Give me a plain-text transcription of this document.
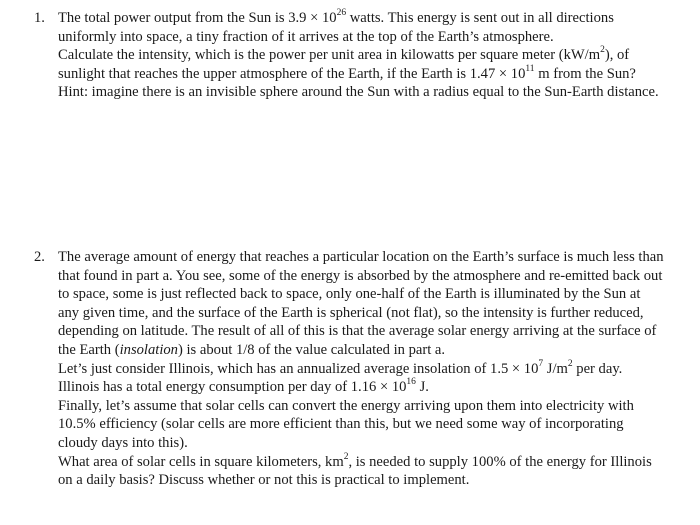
1. The total power output from the Sun is $3.9 \times 10^{26}$ watts. This energy is sent out in all directions uniformly into space, a tiny fraction of it arrives at the top of the Earth’s atmosphere.

Calculate the intensity, which is the power per unit area in kilowatts per square meter $(kW/m^2)$, of sunlight that reaches the upper atmosphere of the Earth, if the Earth is $1.47 \times 10^{11}$ m from the Sun? Hint: imagine there is an invisible sphere around the Sun with a radius equal to the Sun-Earth distance.

2. The average amount of energy that reaches a particular location on the Earth’s surface is much less than that found in part a. You see, some of the energy is absorbed by the atmosphere and re-emitted back out to space, some is just reflected back to space, only one-half of the Earth is illuminated by the Sun at any given time, and the surface of the Earth is spherical (not flat), so the intensity is further reduced, depending on latitude. The result of all of this is that the average solar energy arriving at the surface of the Earth (insolation) is about 1/8 of the value calculated in part a.

Let’s just consider Illinois, which has an annualized average insolation of $1.5 \times 10^7$ $J/m^2$ per day. Illinois has a total energy consumption per day of $1.16 \times 10^{16}$ J.

Finally, let’s assume that solar cells can convert the energy arriving upon them into electricity with 10.5% efficiency (solar cells are more efficient than this, but we need some way of incorporating cloudy days into this).

What area of solar cells in square kilometers, $km^2$, is needed to supply 100% of the energy for Illinois on a daily basis? Discuss whether or not this is practical to implement.
